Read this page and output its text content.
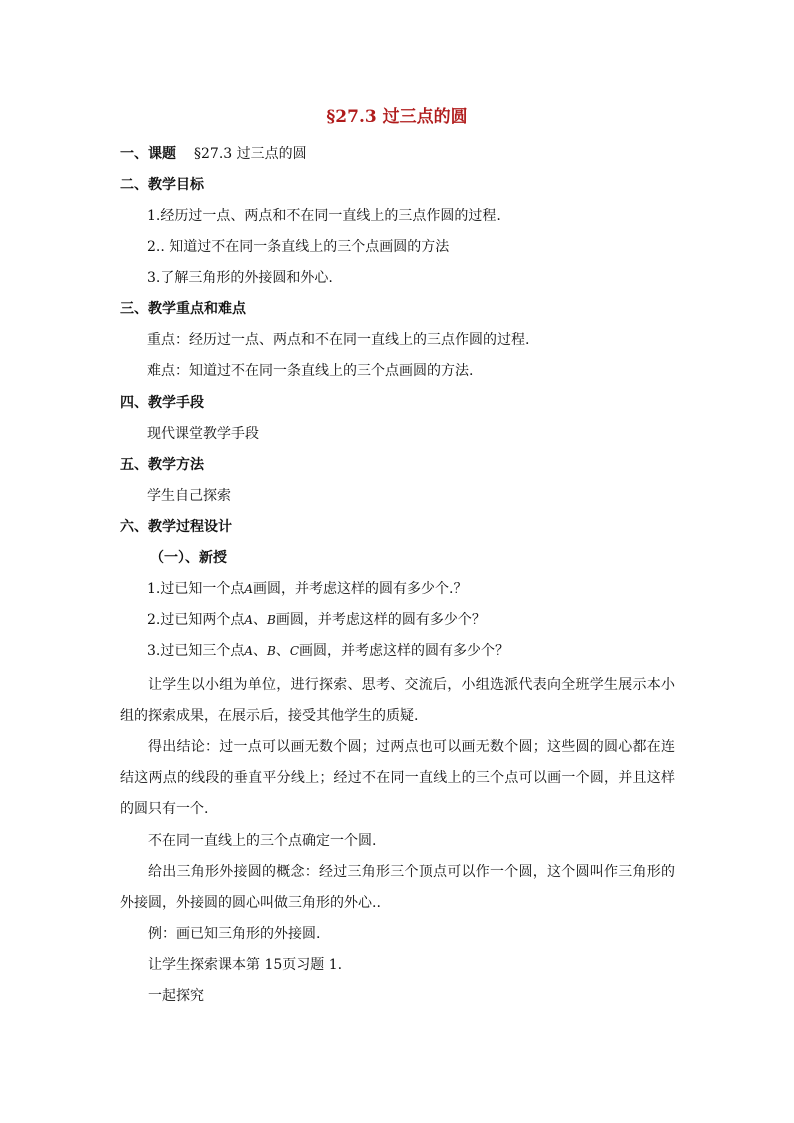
§27.3 过三点的圆
一、课题 §27.3 过三点的圆
二、教学目标
1.经历过一点、两点和不在同一直线上的三点作圆的过程.
2.. 知道过不在同一条直线上的三个点画圆的方法
3.了解三角形的外接圆和外心.
三、教学重点和难点
重点：经历过一点、两点和不在同一直线上的三点作圆的过程.
难点：知道过不在同一条直线上的三个点画圆的方法.
四、教学手段
现代课堂教学手段
五、教学方法
学生自己探索
六、教学过程设计
（一）、新授
1.过已知一个点A画圆，并考虑这样的圆有多少个.？
2.过已知两个点A、B画圆，并考虑这样的圆有多少个？
3.过已知三个点A、B、C画圆，并考虑这样的圆有多少个？
让学生以小组为单位，进行探索、思考、交流后，小组选派代表向全班学生展示本小组的探索成果，在展示后，接受其他学生的质疑.
得出结论：过一点可以画无数个圆；过两点也可以画无数个圆；这些圆的圆心都在连结这两点的线段的垂直平分线上；经过不在同一直线上的三个点可以画一个圆，并且这样的圆只有一个.
不在同一直线上的三个点确定一个圆.
给出三角形外接圆的概念：经过三角形三个顶点可以作一个圆，这个圆叫作三角形的外接圆，外接圆的圆心叫做三角形的外心..
例：画已知三角形的外接圆.
让学生探索课本第 15页习题 1.
一起探究
